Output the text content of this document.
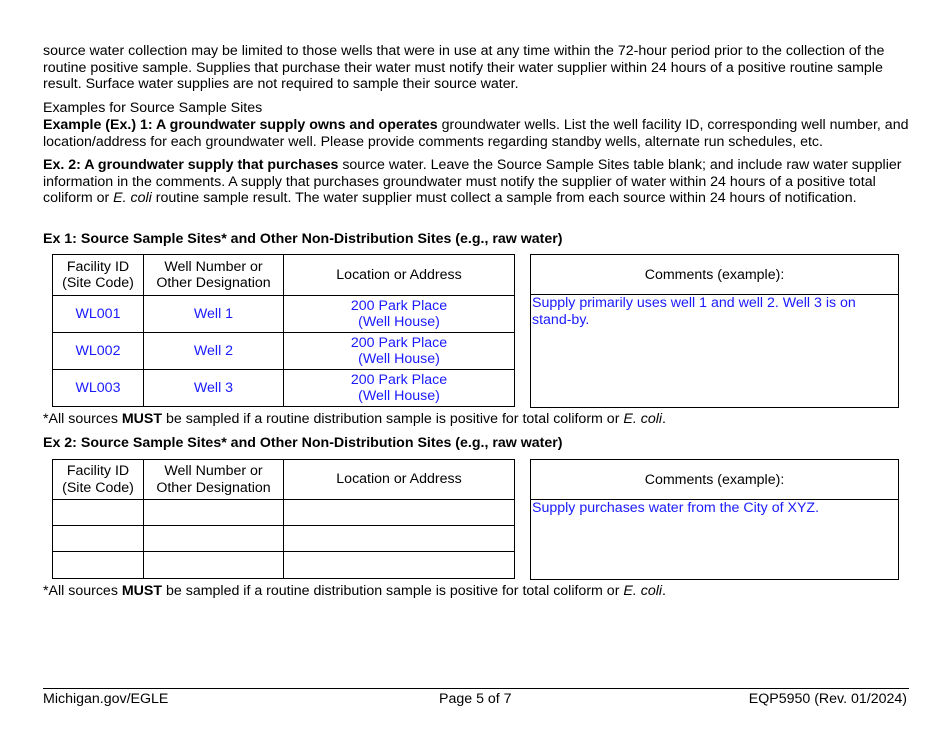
source water collection may be limited to those wells that were in use at any time within the 72-hour period prior to the collection of the routine positive sample. Supplies that purchase their water must notify their water supplier within 24 hours of a positive routine sample result. Surface water supplies are not required to sample their source water.

Examples for Source Sample Sites

Example (Ex.) 1: A groundwater supply owns and operates groundwater wells. List the well facility ID, corresponding well number, and location/address for each groundwater well. Please provide comments regarding standby wells, alternate run schedules, etc.

Ex. 2: A groundwater supply that purchases source water. Leave the Source Sample Sites table blank; and include raw water supplier information in the comments. A supply that purchases groundwater must notify the supplier of water within 24 hours of a positive total coliform or E. coli routine sample result. The water supplier must collect a sample from each source within 24 hours of notification.

Ex 1: Source Sample Sites* and Other Non-Distribution Sites (e.g., raw water)

*All sources MUST be sampled if a routine distribution sample is positive for total coliform or E. coli.

Ex 2: Source Sample Sites* and Other Non-Distribution Sites (e.g., raw water)

*All sources MUST be sampled if a routine distribution sample is positive for total coliform or E. coli.

Facility ID
(Site Code)	Well Number or
Other Designation	Location or Address
WL001	Well 1	200 Park Place
(Well House)
WL002	Well 2	200 Park Place
(Well House)
WL003	Well 3	200 Park Place
(Well House)
Comments (example):
Supply primarily uses well 1 and well 2. Well 3 is on stand-by.
Facility ID
(Site Code)	Well Number or
Other Designation	Location or Address

			Comments (example):
Supply purchases water from the City of XYZ.
Michigan.gov/EGLE	Page 5 of 7	EQP5950 (Rev. 01/2024)
